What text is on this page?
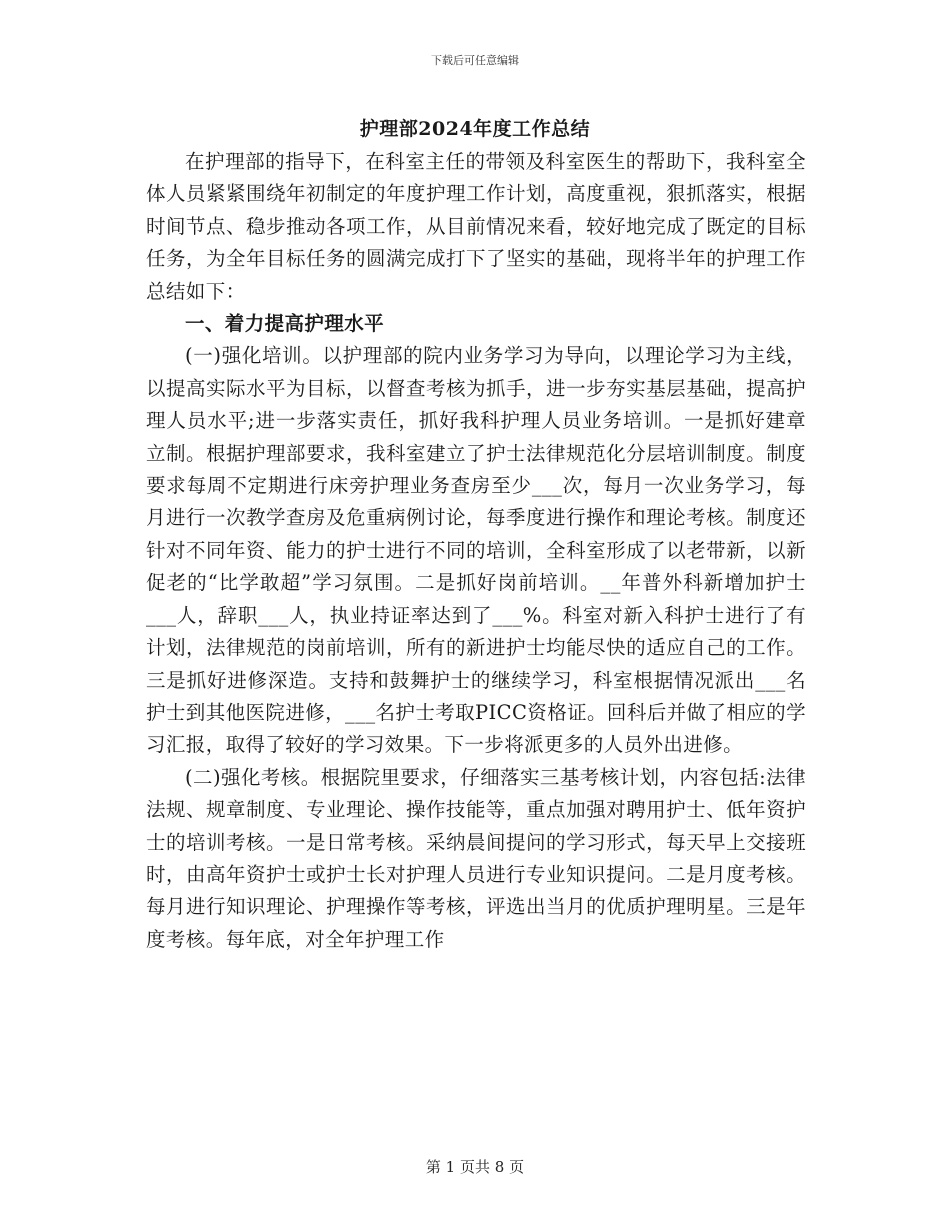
下载后可任意编辑
护理部2024年度工作总结

在护理部的指导下，在科室主任的带领及科室医生的帮助下，我科室全体人员紧紧围绕年初制定的年度护理工作计划，高度重视，狠抓落实，根据时间节点、稳步推动各项工作，从目前情况来看，较好地完成了既定的目标任务，为全年目标任务的圆满完成打下了坚实的基础，现将半年的护理工作总结如下：

一、着力提高护理水平

(一)强化培训。以护理部的院内业务学习为导向，以理论学习为主线，以提高实际水平为目标，以督查考核为抓手，进一步夯实基层基础，提高护理人员水平;进一步落实责任，抓好我科护理人员业务培训。一是抓好建章立制。根据护理部要求，我科室建立了护士法律规范化分层培训制度。制度要求每周不定期进行床旁护理业务查房至少___次，每月一次业务学习，每月进行一次教学查房及危重病例讨论，每季度进行操作和理论考核。制度还针对不同年资、能力的护士进行不同的培训，全科室形成了以老带新，以新促老的“比学敢超”学习氛围。二是抓好岗前培训。__年普外科新增加护士___人，辞职___人，执业持证率达到了___%。科室对新入科护士进行了有计划，法律规范的岗前培训，所有的新进护士均能尽快的适应自己的工作。三是抓好进修深造。支持和鼓舞护士的继续学习，科室根据情况派出___名护士到其他医院进修，___名护士考取PICC资格证。回科后并做了相应的学习汇报，取得了较好的学习效果。下一步将派更多的人员外出进修。

(二)强化考核。根据院里要求，仔细落实三基考核计划，内容包括:法律法规、规章制度、专业理论、操作技能等，重点加强对聘用护士、低年资护士的培训考核。一是日常考核。采纳晨间提问的学习形式，每天早上交接班时，由高年资护士或护士长对护理人员进行专业知识提问。二是月度考核。每月进行知识理论、护理操作等考核，评选出当月的优质护理明星。三是年度考核。每年底，对全年护理工作

第 1 页共 8 页
